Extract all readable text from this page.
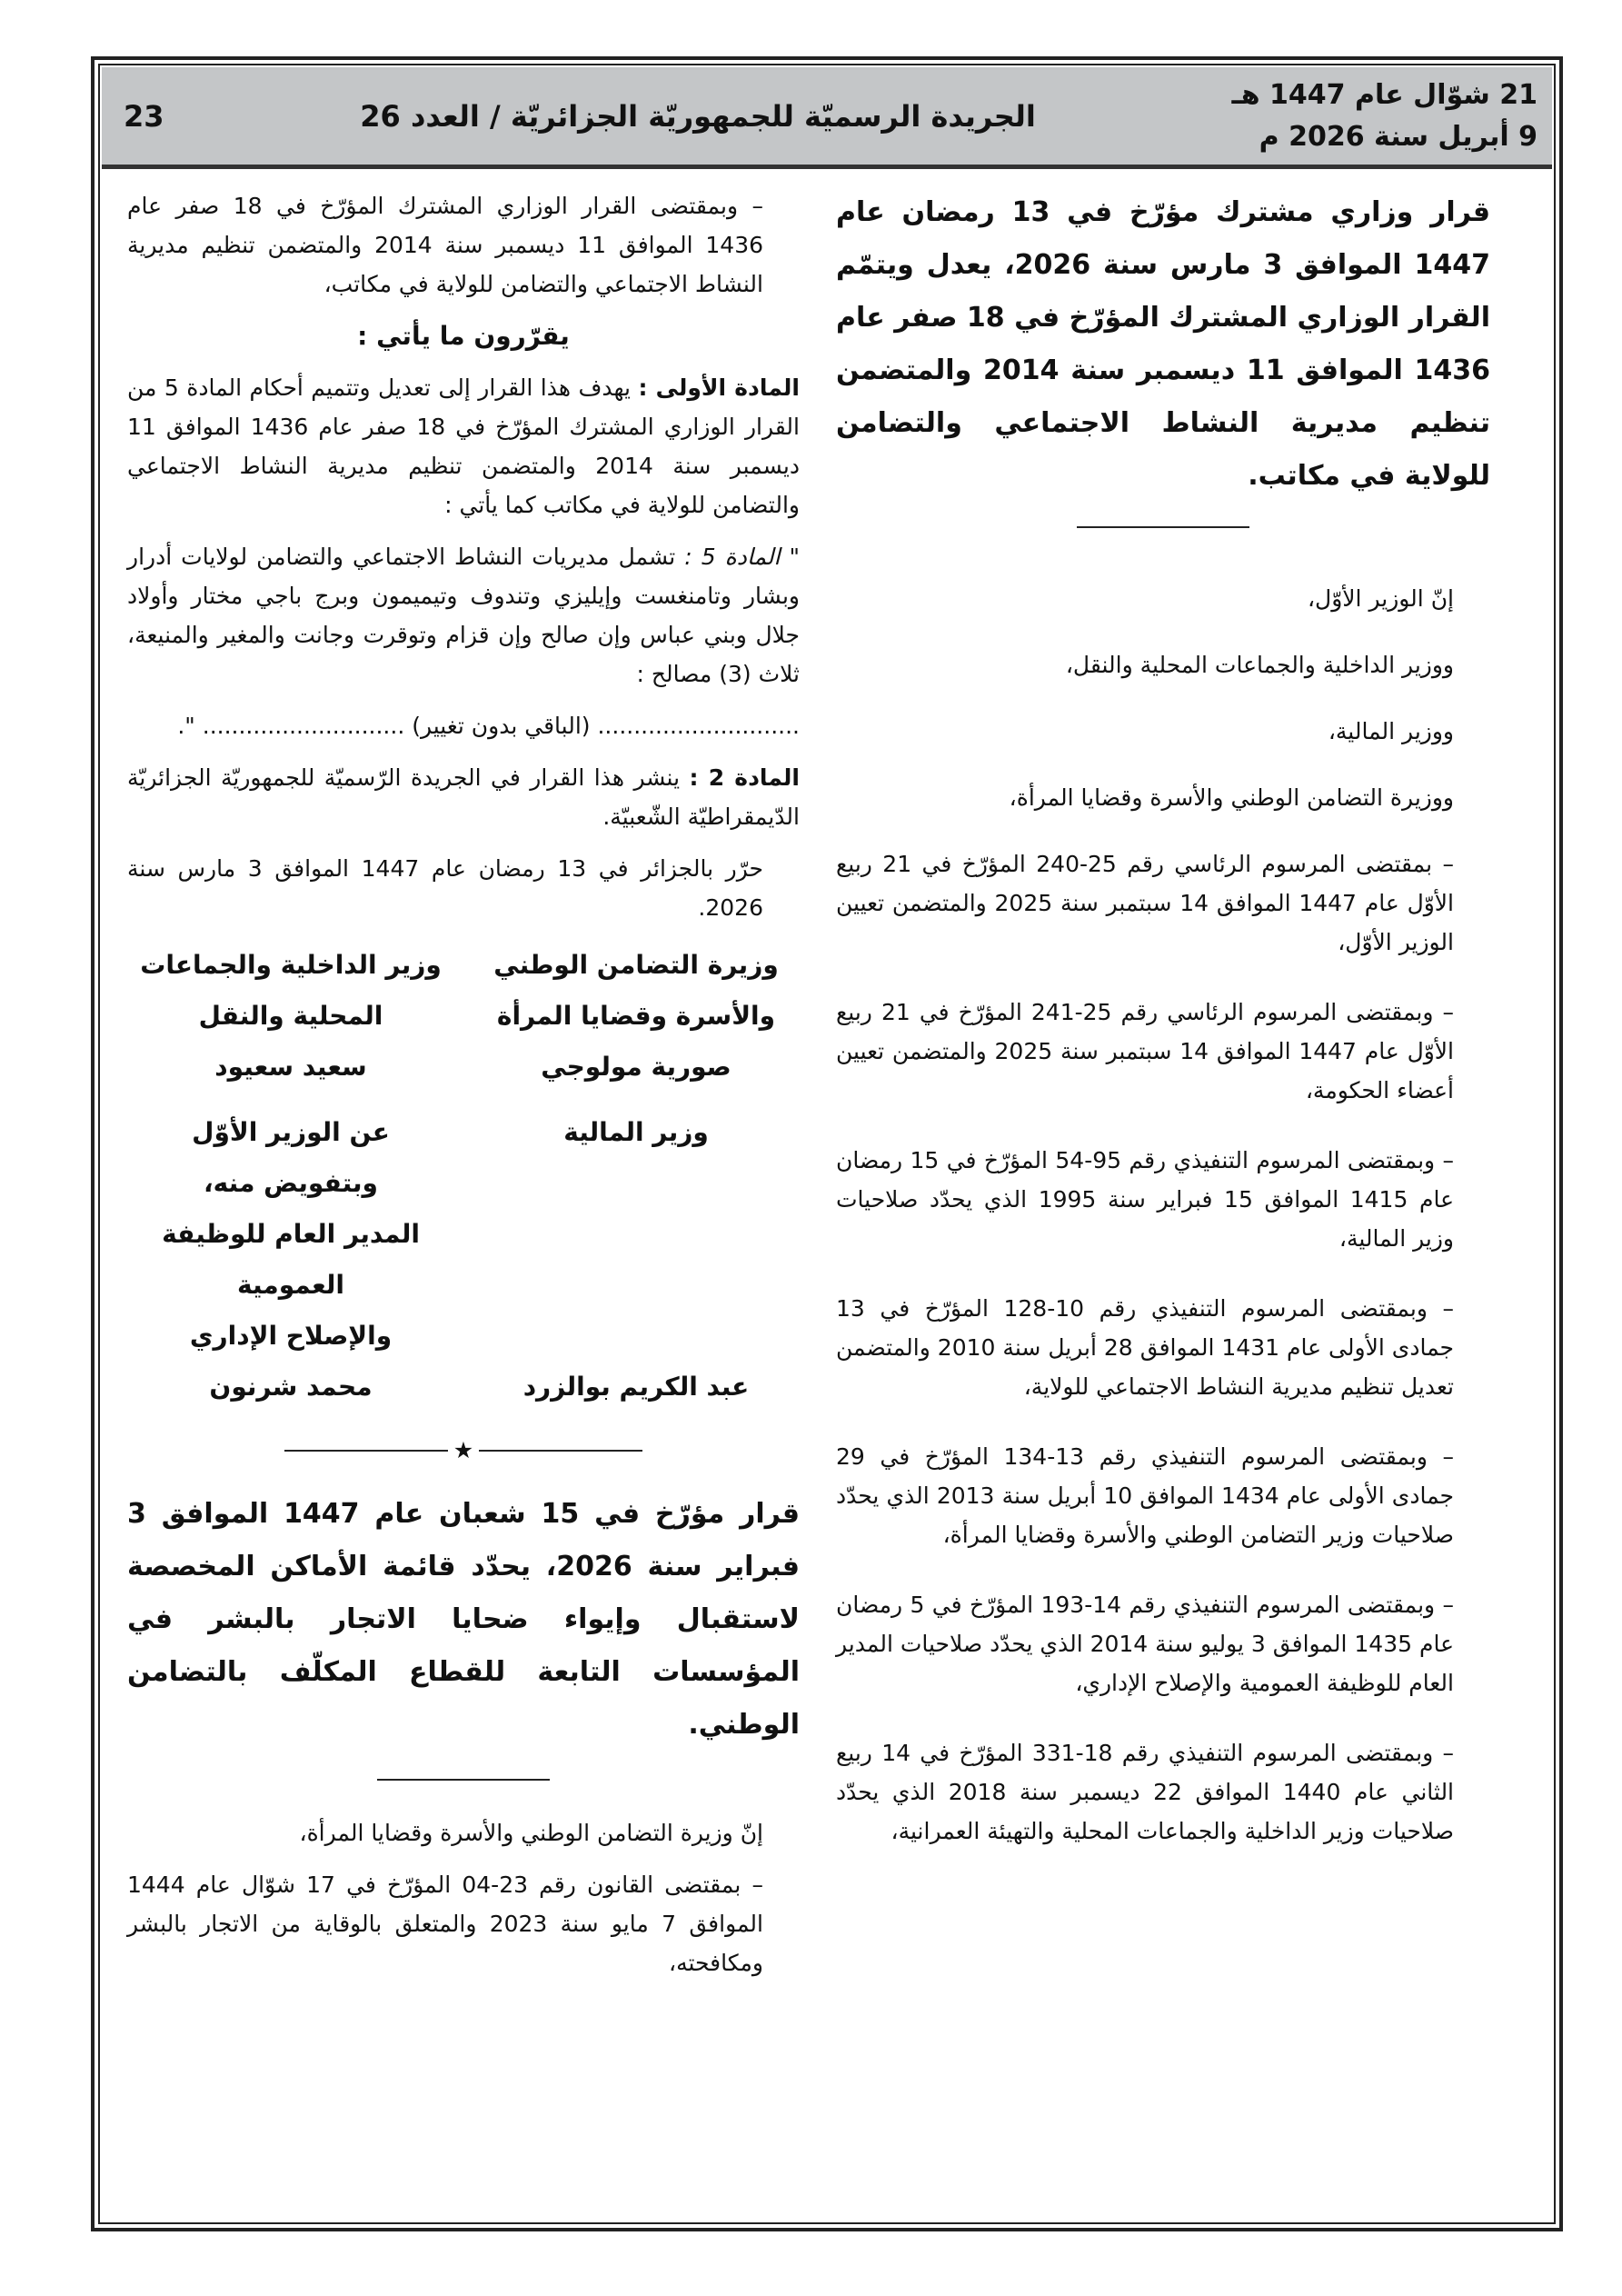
23	الجريدة الرسميّة للجمهوريّة الجزائريّة / العدد 26
21 شوّال عام 1447 هـ
9 أبريل سنة 2026 م

قرار وزاري مشترك مؤرّخ في 13 رمضان عام 1447 الموافق 3 مارس سنة 2026، يعدل ويتمّم القرار الوزاري المشترك المؤرّخ في 18 صفر عام 1436 الموافق 11 ديسمبر سنة 2014 والمتضمن تنظيم مديرية النشاط الاجتماعي والتضامن للولاية في مكاتب.

إنّ الوزير الأوّل،

ووزير الداخلية والجماعات المحلية والنقل،

ووزير المالية،

ووزيرة التضامن الوطني والأسرة وقضايا المرأة،

– بمقتضى المرسوم الرئاسي رقم 25-240 المؤرّخ في 21 ربيع الأوّل عام 1447 الموافق 14 سبتمبر سنة 2025 والمتضمن تعيين الوزير الأوّل،

– وبمقتضى المرسوم الرئاسي رقم 25-241 المؤرّخ في 21 ربيع الأوّل عام 1447 الموافق 14 سبتمبر سنة 2025 والمتضمن تعيين أعضاء الحكومة،

– وبمقتضى المرسوم التنفيذي رقم 95-54 المؤرّخ في 15 رمضان عام 1415 الموافق 15 فبراير سنة 1995 الذي يحدّد صلاحيات وزير المالية،

– وبمقتضى المرسوم التنفيذي رقم 10-128 المؤرّخ في 13 جمادى الأولى عام 1431 الموافق 28 أبريل سنة 2010 والمتضمن تعديل تنظيم مديرية النشاط الاجتماعي للولاية،

– وبمقتضى المرسوم التنفيذي رقم 13-134 المؤرّخ في 29 جمادى الأولى عام 1434 الموافق 10 أبريل سنة 2013 الذي يحدّد صلاحيات وزير التضامن الوطني والأسرة وقضايا المرأة،

– وبمقتضى المرسوم التنفيذي رقم 14-193 المؤرّخ في 5 رمضان عام 1435 الموافق 3 يوليو سنة 2014 الذي يحدّد صلاحيات المدير العام للوظيفة العمومية والإصلاح الإداري،

– وبمقتضى المرسوم التنفيذي رقم 18-331 المؤرّخ في 14 ربيع الثاني عام 1440 الموافق 22 ديسمبر سنة 2018 الذي يحدّد صلاحيات وزير الداخلية والجماعات المحلية والتهيئة العمرانية،

– وبمقتضى القرار الوزاري المشترك المؤرّخ في 18 صفر عام 1436 الموافق 11 ديسمبر سنة 2014 والمتضمن تنظيم مديرية النشاط الاجتماعي والتضامن للولاية في مكاتب،

يقرّرون ما يأتي :

المادة الأولى : يهدف هذا القرار إلى تعديل وتتميم أحكام المادة 5 من القرار الوزاري المشترك المؤرّخ في 18 صفر عام 1436 الموافق 11 ديسمبر سنة 2014 والمتضمن تنظيم مديرية النشاط الاجتماعي والتضامن للولاية في مكاتب كما يأتي :

" المادة 5 : تشمل مديريات النشاط الاجتماعي والتضامن لولايات أدرار وبشار وتامنغست وإيليزي وتندوف وتيميمون وبرج باجي مختار وأولاد جلال وبني عباس وإن صالح وإن قزام وتوقرت وجانت والمغير والمنيعة، ثلاث (3) مصالح :

............................ (الباقي بدون تغيير) ............................ ".

المادة 2 : ينشر هذا القرار في الجريدة الرّسميّة للجمهوريّة الجزائريّة الدّيمقراطيّة الشّعبيّة.

حرّر بالجزائر في 13 رمضان عام 1447 الموافق 3 مارس سنة 2026.

وزيرة التضامن الوطني
وزير الداخلية والجماعات
والأسرة وقضايا المرأة
المحلية والنقل
صورية مولوجي
سعيد سعيود
وزير المالية
عن الوزير الأوّل
وبتفويض منه،
المدير العام للوظيفة العمومية
والإصلاح الإداري
عبد الكريم بوالزرد
محمد شرنون
★

قرار مؤرّخ في 15 شعبان عام 1447 الموافق 3 فبراير سنة 2026، يحدّد قائمة الأماكن المخصصة لاستقبال وإيواء ضحايا الاتجار بالبشر في المؤسسات التابعة للقطاع المكلّف بالتضامن الوطني.

إنّ وزيرة التضامن الوطني والأسرة وقضايا المرأة،

– بمقتضى القانون رقم 23-04 المؤرّخ في 17 شوّال عام 1444 الموافق 7 مايو سنة 2023 والمتعلق بالوقاية من الاتجار بالبشر ومكافحته،
